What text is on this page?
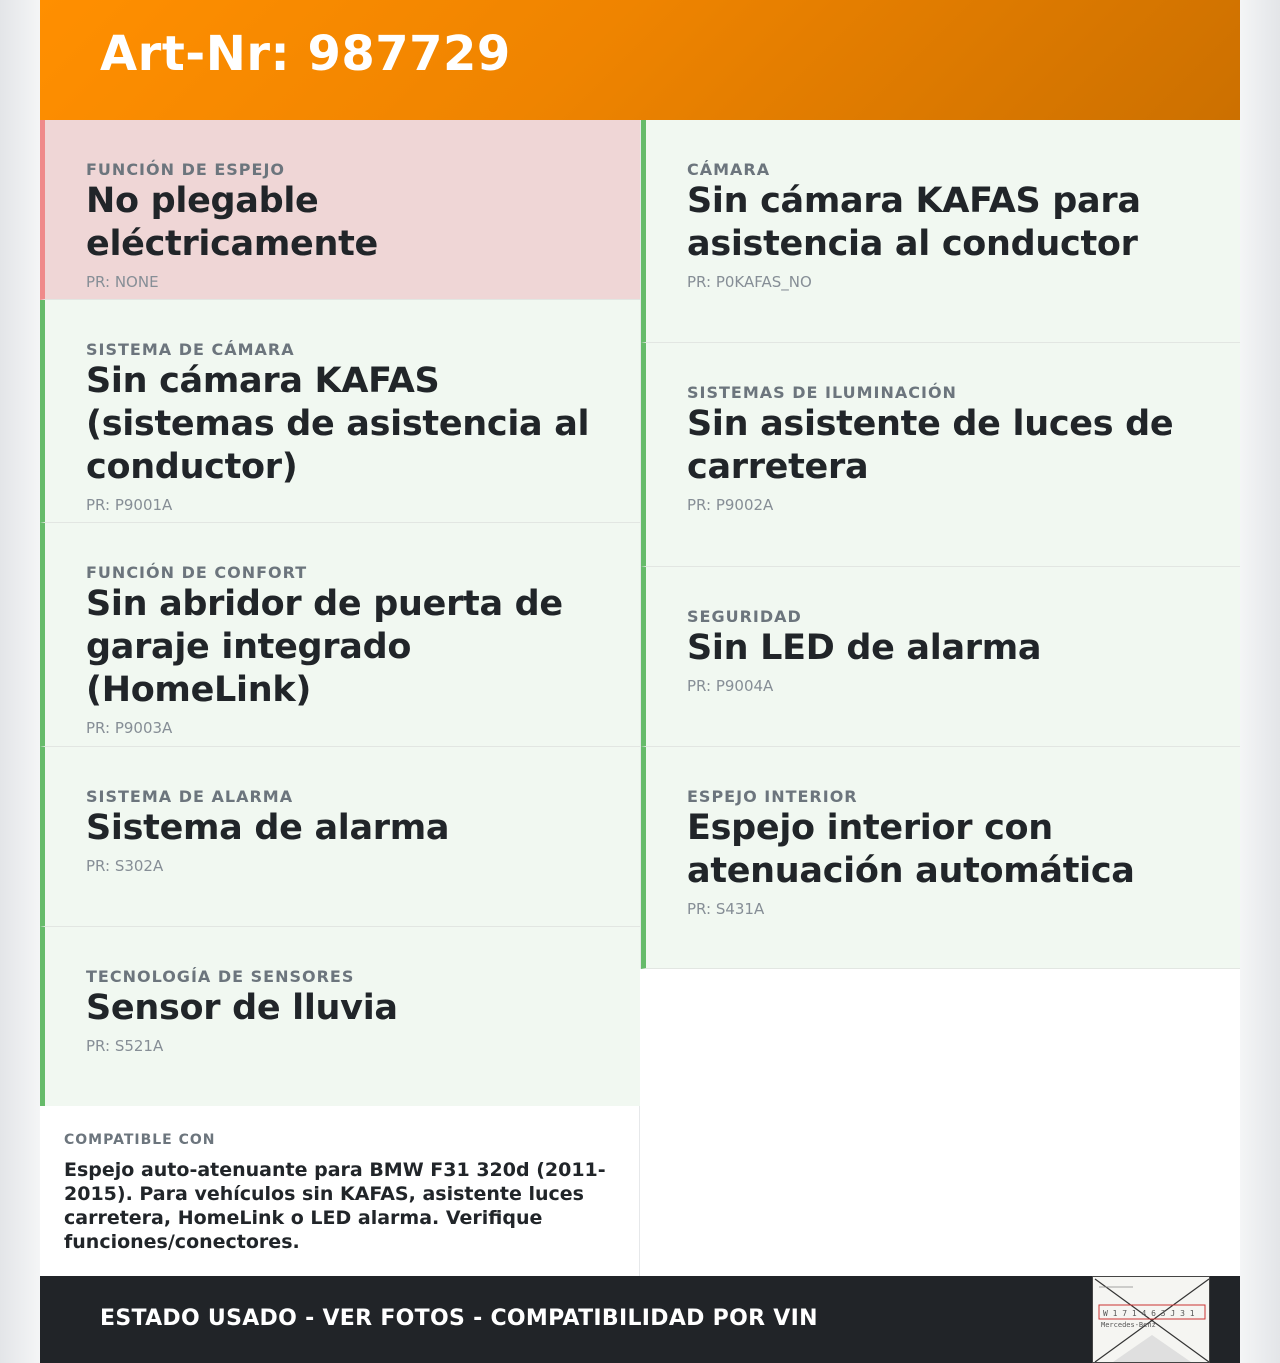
Art-Nr: 987729
FUNCIÓN DE ESPEJO
No plegable eléctricamente
PR: NONE
SISTEMA DE CÁMARA
Sin cámara KAFAS (sistemas de asistencia al conductor)
PR: P9001A
FUNCIÓN DE CONFORT
Sin abridor de puerta de garaje integrado (HomeLink)
PR: P9003A
SISTEMA DE ALARMA
Sistema de alarma
PR: S302A
TECNOLOGÍA DE SENSORES
Sensor de lluvia
PR: S521A
CÁMARA
Sin cámara KAFAS para asistencia al conductor
PR: P0KAFAS_NO
SISTEMAS DE ILUMINACIÓN
Sin asistente de luces de carretera
PR: P9002A
SEGURIDAD
Sin LED de alarma
PR: P9004A
ESPEJO INTERIOR
Espejo interior con atenuación automática
PR: S431A
COMPATIBLE CON
Espejo auto-atenuante para BMW F31 320d (2011-2015). Para vehículos sin KAFAS, asistente luces carretera, HomeLink o LED alarma. Verifique funciones/conectores.
ESTADO USADO - VER FOTOS - COMPATIBILIDAD POR VIN	W 1 7 1 4 6 3 J 3 1
Mercedes-Benz
